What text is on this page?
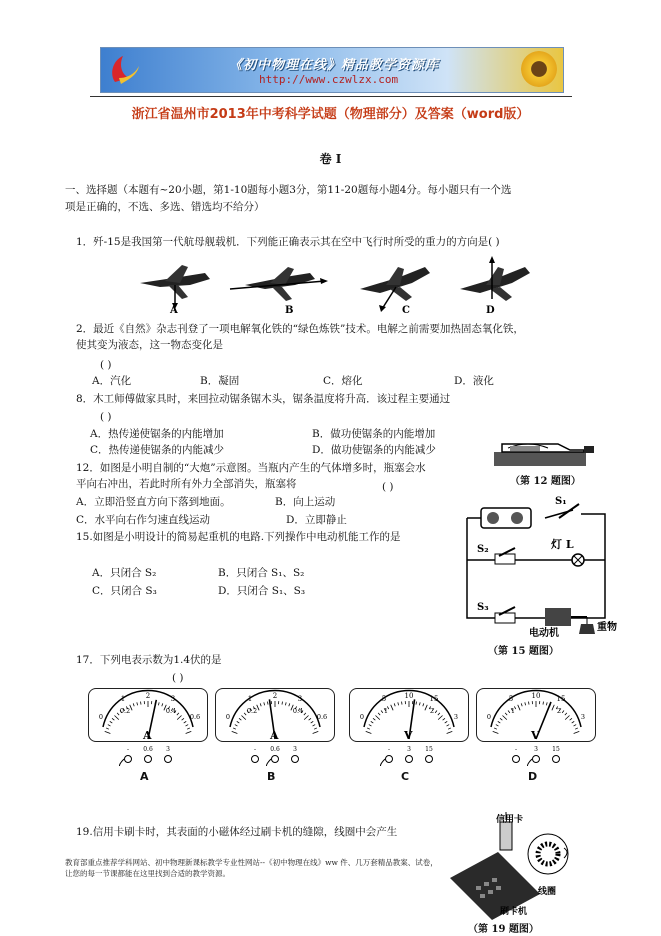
《初中物理在线》精品教学资源库
http://www.czwlzx.com
浙江省温州市2013年中考科学试题（物理部分）及答案（word版）
卷 I
一、选择题（本题有~20小题，第1-10题每小题3分，第11-20题每小题4分。每小题只有一个选
项是正确的，不选、多选、错选均不给分）
1．歼-15是我国第一代航母舰载机．下列能正确表示其在空中飞行时所受的重力的方向是( )
A	B	C	D
2．最近《自然》杂志刊登了一项电解氧化铁的“绿色炼铁”技术。电解之前需要加热固态氧化铁，
使其变为液态，这一物态变化是
( )
A．汽化	B．凝固	C．熔化	D．液化
8．木工师傅做家具时，来回拉动锯条锯木头，锯条温度将升高．该过程主要通过
( )
A．热传递使锯条的内能增加	B．做功使锯条的内能增加
C．热传递使锯条的内能减少	D．做功使锯条的内能减少
（第 12 题图）
12．如图是小明自制的“大炮”示意图。当瓶内产生的气体增多时，瓶塞会水
平向右冲出，若此时所有外力全部消失，瓶塞将	( )
A．立即沿竖直方向下落到地面。	B．向上运动
C．水平向右作匀速直线运动	D．立即静止
15.如图是小明设计的简易起重机的电路.下列操作中电动机能工作的是
A．只闭合 S₂	B．只闭合 S₁、S₂
C．只闭合 S₃	D．只闭合 S₁、S₃
S₁
S₂
S₃
灯 L
电动机
重物
（第 15 题图）
17．下列电表示数为1.4伏的是
( )
1	2	3
0
0.2	0.4
0.6
A
- 0.6 3
A
1	2	3
0
0.2	0.4
0.6
A
- 0.6 3
B
5	10 15
0
1	2
3
V
-	3 15
C
5	10 15
0
1	2
3
V
-	3 15
D
19.信用卡刷卡时，其表面的小磁体经过刷卡机的缝隙，线圈中会产生
信用卡
线圈
刷卡机
（第 19 题图）
教育部重点推荐学科网站、初中物理新课标教学专业性网站--《初中物理在线》ww 件、几万套精品教案、试卷，让您的每一节课都能在这里找到合适的教学资源。
